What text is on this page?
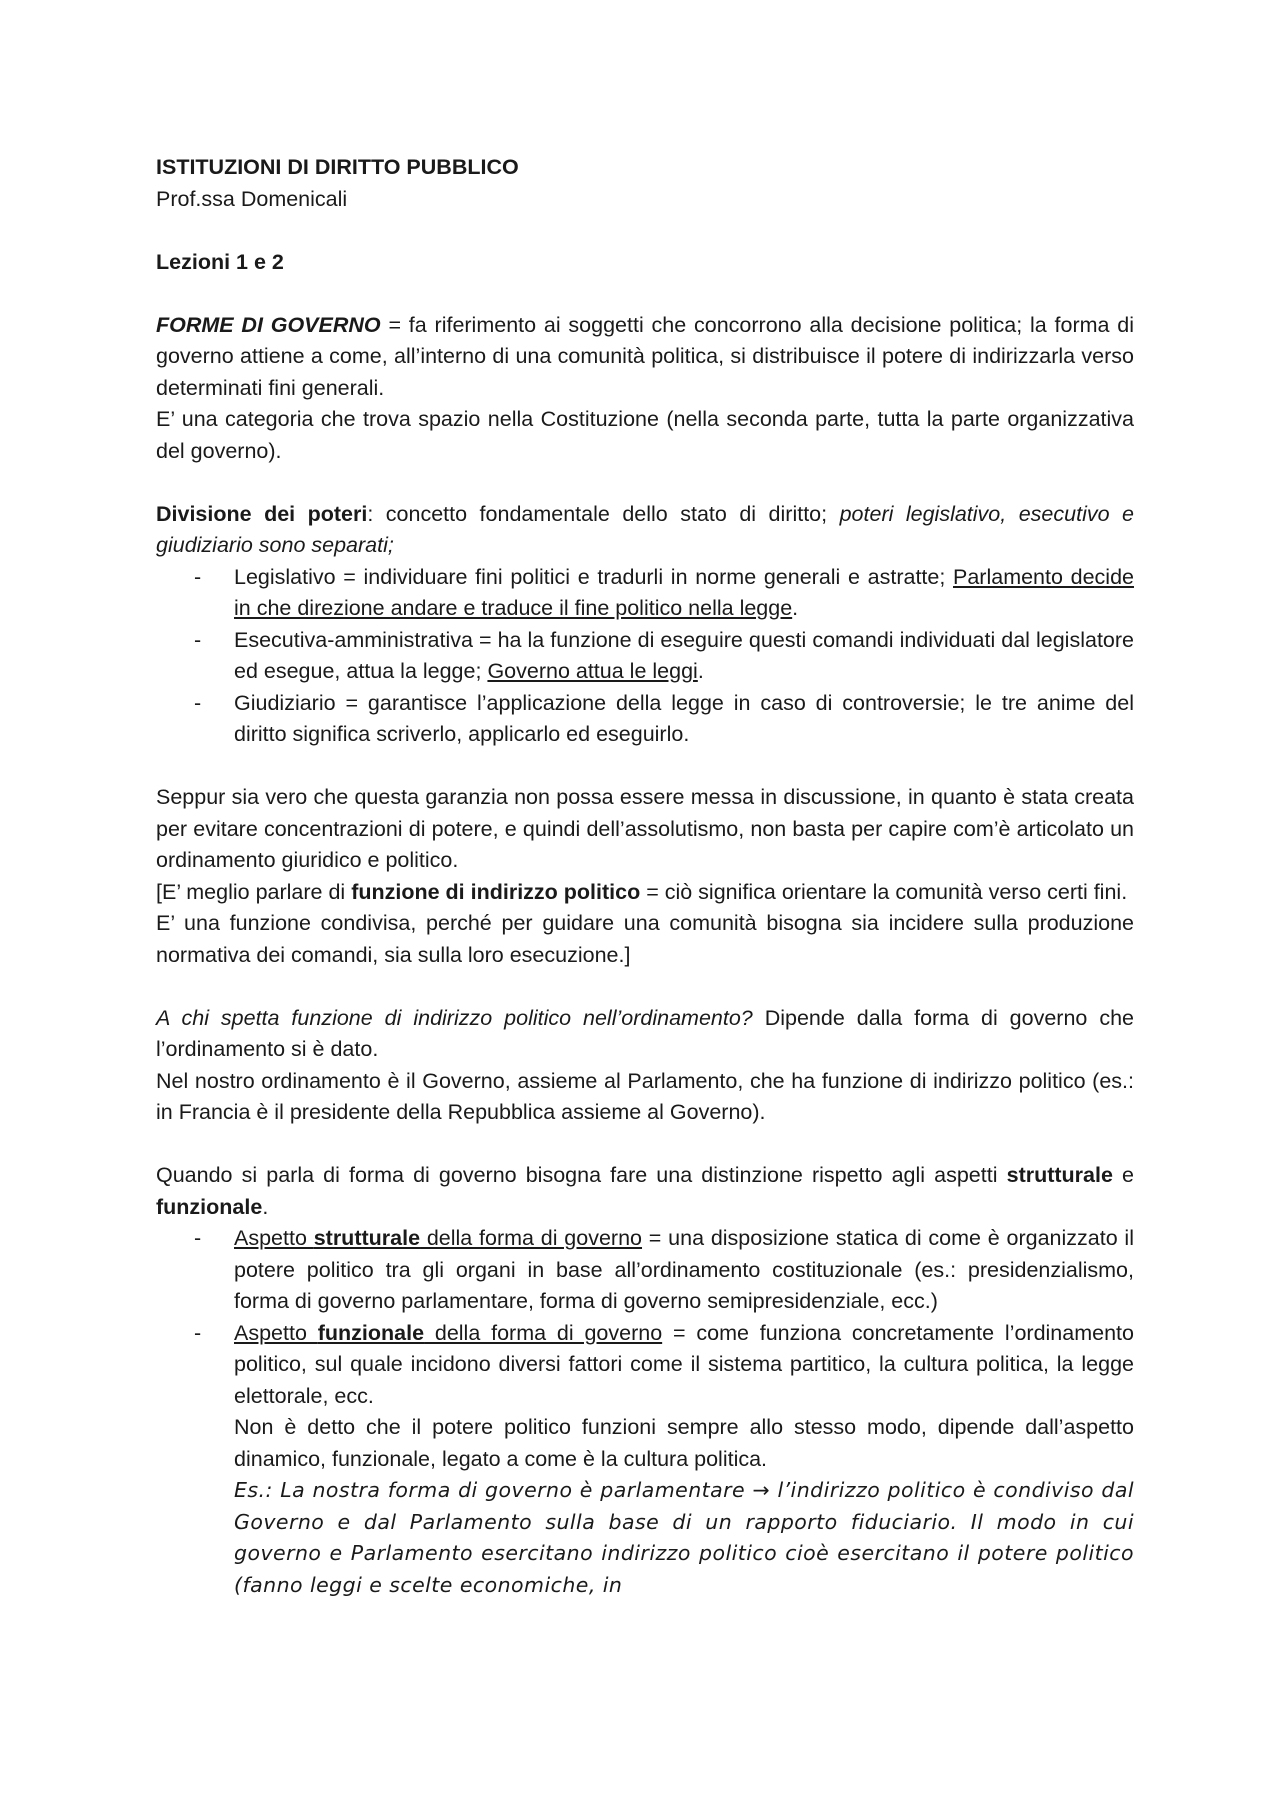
ISTITUZIONI DI DIRITTO PUBBLICO

Prof.ssa Domenicali

Lezioni 1 e 2

FORME DI GOVERNO = fa riferimento ai soggetti che concorrono alla decisione politica; la forma di governo attiene a come, all’interno di una comunità politica, si distribuisce il potere di indirizzarla verso determinati fini generali.

E’ una categoria che trova spazio nella Costituzione (nella seconda parte, tutta la parte organizzativa del governo).

Divisione dei poteri: concetto fondamentale dello stato di diritto; poteri legislativo, esecutivo e giudiziario sono separati;

- Legislativo = individuare fini politici e tradurli in norme generali e astratte; Parlamento decide in che direzione andare e traduce il fine politico nella legge.
- Esecutiva-amministrativa = ha la funzione di eseguire questi comandi individuati dal legislatore ed esegue, attua la legge; Governo attua le leggi.
- Giudiziario = garantisce l’applicazione della legge in caso di controversie; le tre anime del diritto significa scriverlo, applicarlo ed eseguirlo.

Seppur sia vero che questa garanzia non possa essere messa in discussione, in quanto è stata creata per evitare concentrazioni di potere, e quindi dell’assolutismo, non basta per capire com’è articolato un ordinamento giuridico e politico.

[E’ meglio parlare di funzione di indirizzo politico = ciò significa orientare la comunità verso certi fini.

E’ una funzione condivisa, perché per guidare una comunità bisogna sia incidere sulla produzione normativa dei comandi, sia sulla loro esecuzione.]

A chi spetta funzione di indirizzo politico nell’ordinamento? Dipende dalla forma di governo che l’ordinamento si è dato.

Nel nostro ordinamento è il Governo, assieme al Parlamento, che ha funzione di indirizzo politico (es.: in Francia è il presidente della Repubblica assieme al Governo).

Quando si parla di forma di governo bisogna fare una distinzione rispetto agli aspetti strutturale e funzionale.

- Aspetto strutturale della forma di governo = una disposizione statica di come è organizzato il potere politico tra gli organi in base all’ordinamento costituzionale (es.: presidenzialismo, forma di governo parlamentare, forma di governo semipresidenziale, ecc.)
- Aspetto funzionale della forma di governo = come funziona concretamente l’ordinamento politico, sul quale incidono diversi fattori come il sistema partitico, la cultura politica, la legge elettorale, ecc.

Non è detto che il potere politico funzioni sempre allo stesso modo, dipende dall’aspetto dinamico, funzionale, legato a come è la cultura politica.

Es.: La nostra forma di governo è parlamentare → l’indirizzo politico è condiviso dal Governo e dal Parlamento sulla base di un rapporto fiduciario. Il modo in cui governo e Parlamento esercitano indirizzo politico cioè esercitano il potere politico (fanno leggi e scelte economiche, in
